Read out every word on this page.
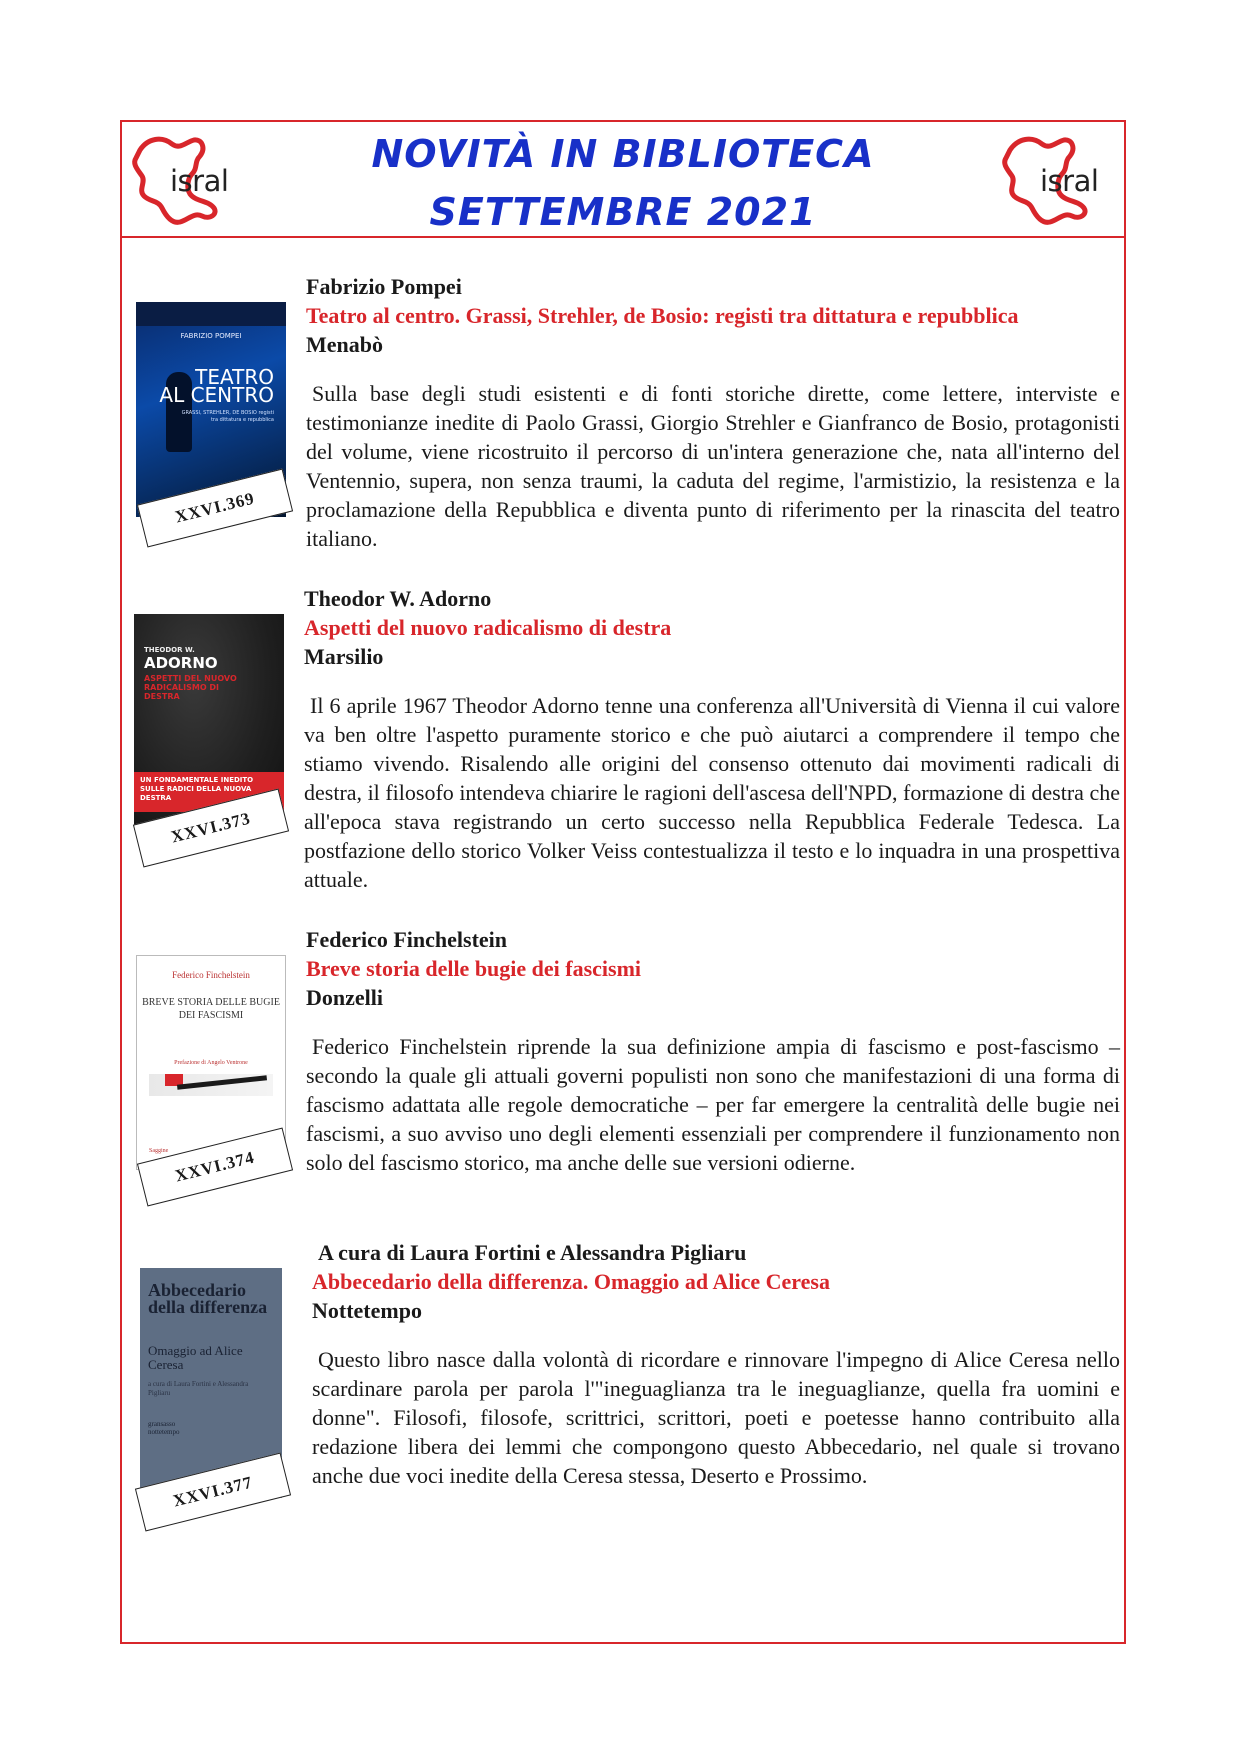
isral	isral
NOVITÀ IN BIBLIOTECA
SETTEMBRE 2021
FABRIZIO POMPEI
TEATRO
AL CENTRO
GRASSI, STREHLER, DE BOSIO registi tra dittatura e repubblica
XXVI.369
Fabrizio Pompei
Teatro al centro. Grassi, Strehler, de Bosio: registi tra dittatura e repubblica
Menabò
Sulla base degli studi esistenti e di fonti storiche dirette, come lettere, interviste e testimonianze inedite di Paolo Grassi, Giorgio Strehler e Gianfranco de Bosio, protagonisti del volume, viene ricostruito il percorso di un'intera generazione che, nata all'interno del Ventennio, supera, non senza traumi, la caduta del regime, l'armistizio, la resistenza e la proclamazione della Repubblica e diventa punto di riferimento per la rinascita del teatro italiano.
THEODOR W.
ADORNO
ASPETTI DEL NUOVO RADICALISMO DI DESTRA
UN FONDAMENTALE INEDITO SULLE RADICI DELLA NUOVA DESTRA
XXVI.373
Theodor W. Adorno
Aspetti del nuovo radicalismo di destra
Marsilio
Il 6 aprile 1967 Theodor Adorno tenne una conferenza all'Università di Vienna il cui valore va ben oltre l'aspetto puramente storico e che può aiutarci a comprendere il tempo che stiamo vivendo. Risalendo alle origini del consenso ottenuto dai movimenti radicali di destra, il filosofo intendeva chiarire le ragioni dell'ascesa dell'NPD, formazione di destra che all'epoca stava registrando un certo successo nella Repubblica Federale Tedesca. La postfazione dello storico Volker Veiss contestualizza il testo e lo inquadra in una prospettiva attuale.
Federico Finchelstein
BREVE STORIA DELLE BUGIE DEI FASCISMI
Prefazione di Angelo Ventrone
Saggine XXVI.374
Federico Finchelstein
Breve storia delle bugie dei fascismi
Donzelli
Federico Finchelstein riprende la sua definizione ampia di fascismo e post-fascismo – secondo la quale gli attuali governi populisti non sono che manifestazioni di una forma di fascismo adattata alle regole democratiche – per far emergere la centralità delle bugie nei fascismi, a suo avviso uno degli elementi essenziali per comprendere il funzionamento non solo del fascismo storico, ma anche delle sue versioni odierne.
Abbecedario della differenza
Omaggio ad Alice Ceresa
a cura di Laura Fortini e Alessandra Pigliaru
gransasso nottetempo
XXVI.377
A cura di Laura Fortini e Alessandra Pigliaru
Abbecedario della differenza. Omaggio ad Alice Ceresa
Nottetempo
Questo libro nasce dalla volontà di ricordare e rinnovare l'impegno di Alice Ceresa nello scardinare parola per parola l'"ineguaglianza tra le ineguaglianze, quella fra uomini e donne". Filosofi, filosofe, scrittrici, scrittori, poeti e poetesse hanno contribuito alla redazione libera dei lemmi che compongono questo Abbecedario, nel quale si trovano anche due voci inedite della Ceresa stessa, Deserto e Prossimo.
